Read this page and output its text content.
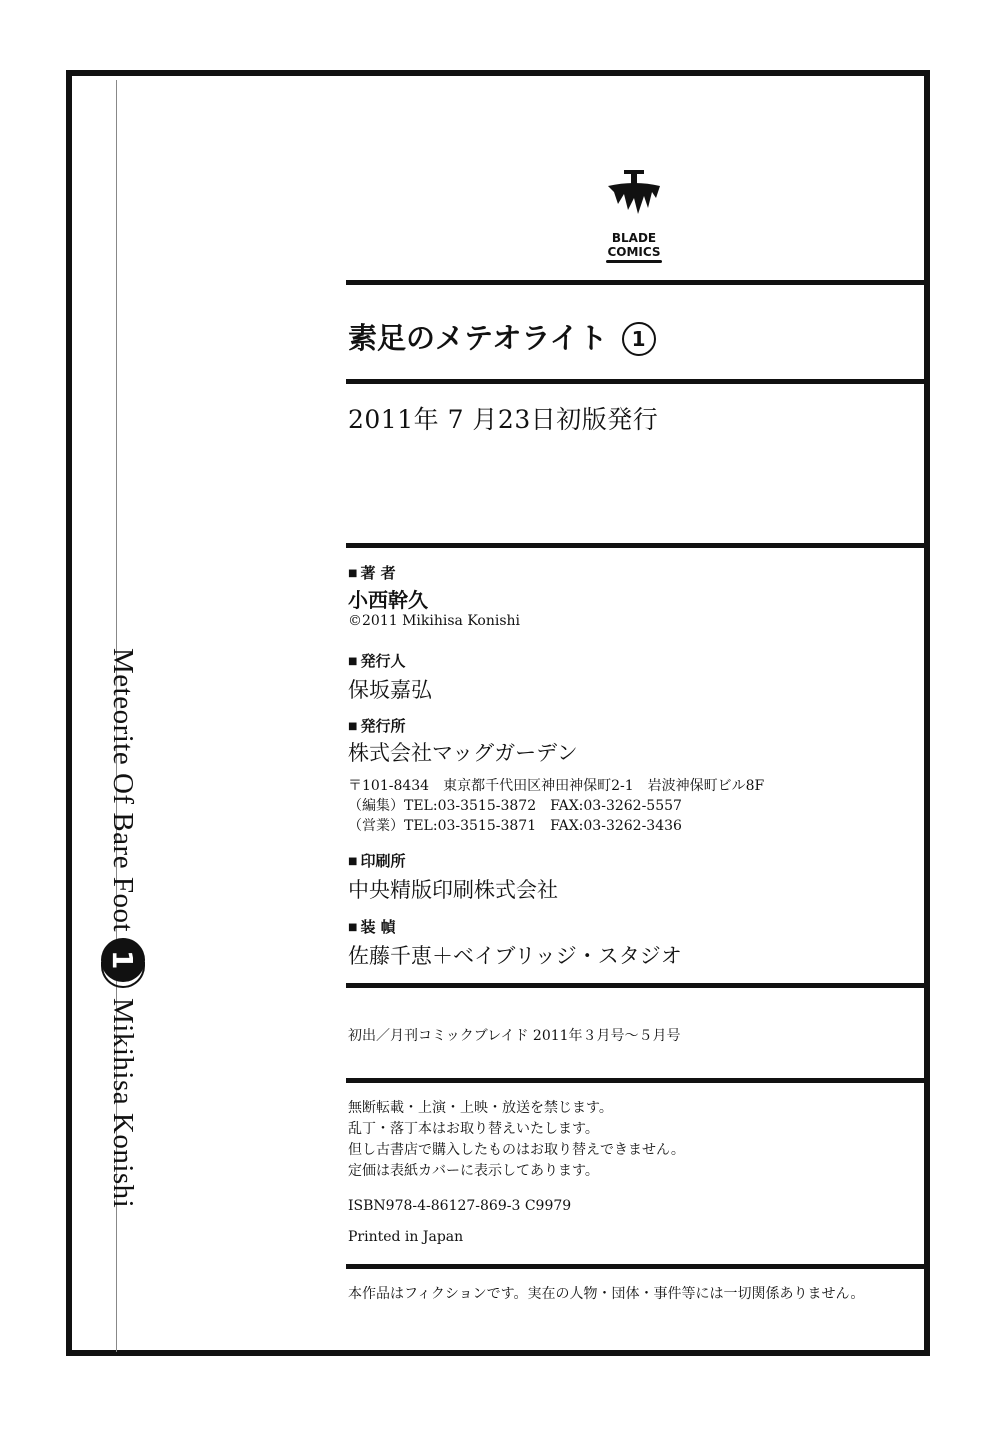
Meteorite Of Bare Foot
1
Mikihisa Konishi
BLADE
COMICS
素足のメテオライト 1
2011年 7 月23日初版発行
■ 著 者
小西幹久
©2011 Mikihisa Konishi
■ 発行人
保坂嘉弘
■ 発行所
株式会社マッグガーデン
〒101-8434　東京都千代田区神田神保町2-1　岩波神保町ビル8F
（編集）TEL:03-3515-3872　FAX:03-3262-5557
（営業）TEL:03-3515-3871　FAX:03-3262-3436
■ 印刷所
中央精版印刷株式会社
■ 装 幀
佐藤千恵＋ベイブリッジ・スタジオ
初出／月刊コミックブレイド 2011年３月号～５月号
無断転載・上演・上映・放送を禁じます。
乱丁・落丁本はお取り替えいたします。
但し古書店で購入したものはお取り替えできません。
定価は表紙カバーに表示してあります。
ISBN978-4-86127-869-3 C9979
Printed in Japan
本作品はフィクションです。実在の人物・団体・事件等には一切関係ありません。
